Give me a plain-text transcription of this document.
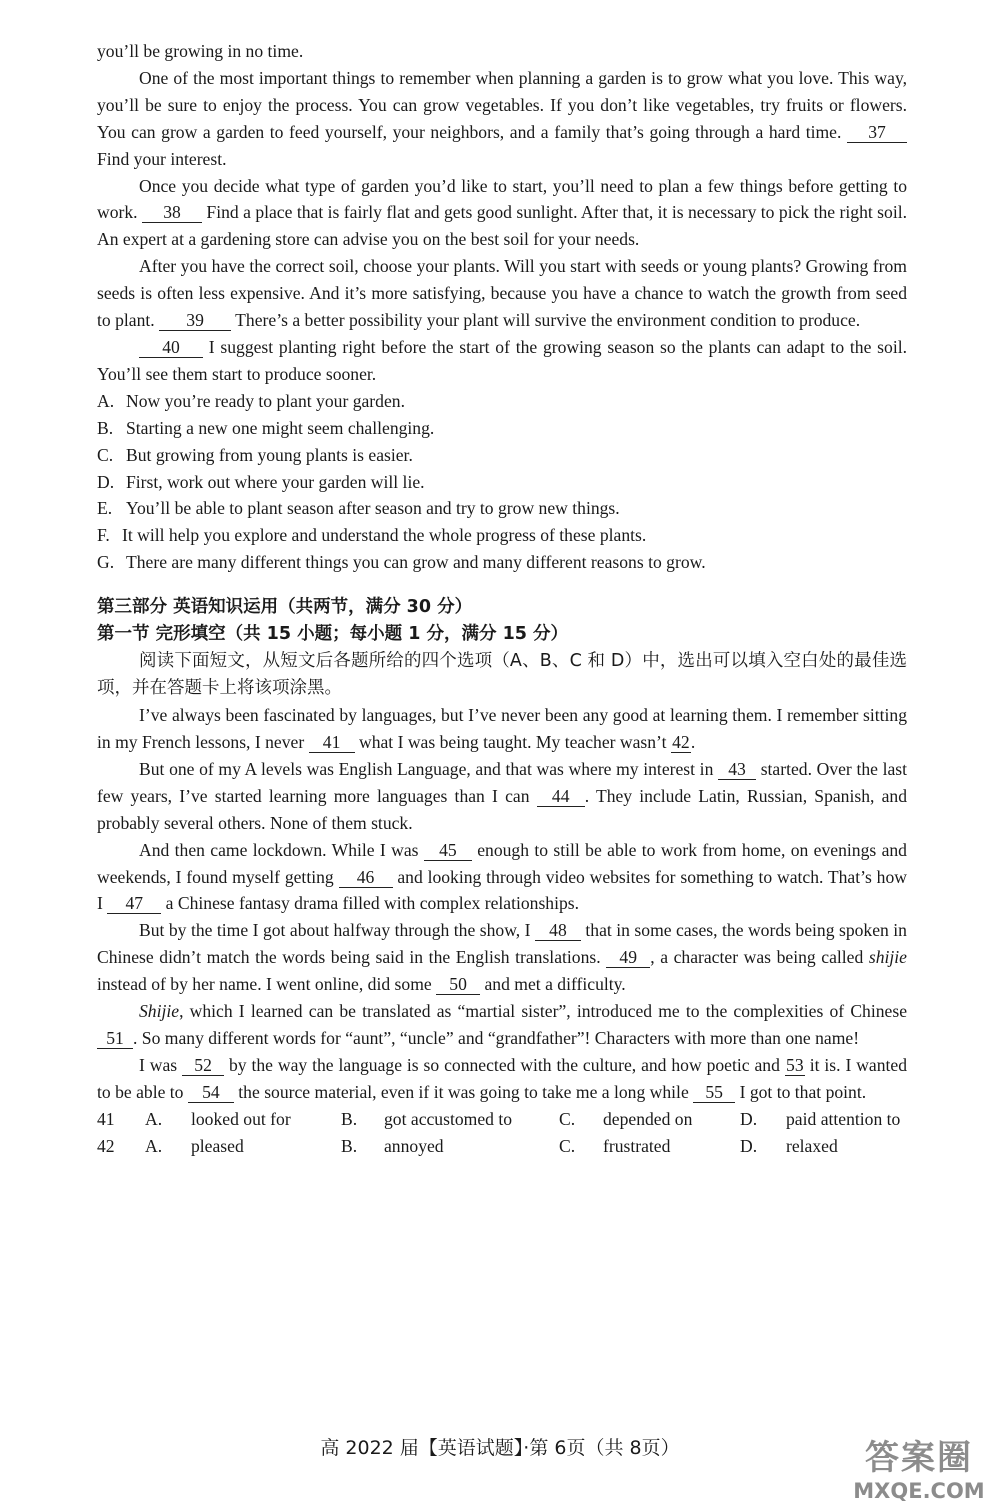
you’ll be growing in no time.

One of the most important things to remember when planning a garden is to grow what you love. This way, you’ll be sure to enjoy the process. You can grow vegetables. If you don’t like vegetables, try fruits or flowers. You can grow a garden to feed yourself, your neighbors, and a family that’s going through a hard time. 37 Find your interest.

Once you decide what type of garden you’d like to start, you’ll need to plan a few things before getting to work. 38 Find a place that is fairly flat and gets good sunlight. After that, it is necessary to pick the right soil. An expert at a gardening store can advise you on the best soil for your needs.

After you have the correct soil, choose your plants. Will you start with seeds or young plants? Growing from seeds is often less expensive. And it’s more satisfying, because you have a chance to watch the growth from seed to plant. 39 There’s a better possibility your plant will survive the environment condition to produce.

40 I suggest planting right before the start of the growing season so the plants can adapt to the soil. You’ll see them start to produce sooner.

A. Now you’re ready to plant your garden.

B. Starting a new one might seem challenging.

C. But growing from young plants is easier.

D. First, work out where your garden will lie.

E. You’ll be able to plant season after season and try to grow new things.

F. It will help you explore and understand the whole progress of these plants.

G. There are many different things you can grow and many different reasons to grow.

第三部分 英语知识运用（共两节，满分 30 分）

第一节 完形填空（共 15 小题；每小题 1 分，满分 15 分）

阅读下面短文，从短文后各题所给的四个选项（A、B、C 和 D）中，选出可以填入空白处的最佳选项，并在答题卡上将该项涂黑。

I’ve always been fascinated by languages, but I’ve never been any good at learning them. I remember sitting in my French lessons, I never 41 what I was being taught. My teacher wasn’t 42.

But one of my A levels was English Language, and that was where my interest in 43 started. Over the last few years, I’ve started learning more languages than I can 44 . They include Latin, Russian, Spanish, and probably several others. None of them stuck.

And then came lockdown. While I was 45 enough to still be able to work from home, on evenings and weekends, I found myself getting 46 and looking through video websites for something to watch. That’s how I 47 a Chinese fantasy drama filled with complex relationships.

But by the time I got about halfway through the show, I 48 that in some cases, the words being spoken in Chinese didn’t match the words being said in the English translations. 49 , a character was being called shijie instead of by her name. I went online, did some 50 and met a difficulty.

Shijie, which I learned can be translated as “martial sister”, introduced me to the complexities of Chinese 51 . So many different words for “aunt”, “uncle” and “grandfather”! Characters with more than one name!

I was 52 by the way the language is so connected with the culture, and how poetic and 53 it is. I wanted to be able to 54 the source material, even if it was going to take me a long while 55 I got to that point.

41	A.	looked out for	B.	got accustomed to	C.	depended on	D.	paid attention to
42	A.	pleased	B.	annoyed	C.	frustrated	D.	relaxed
高 2022 届【英语试题】·第 6页（共 8页）	答案圈
MXQE.COM
